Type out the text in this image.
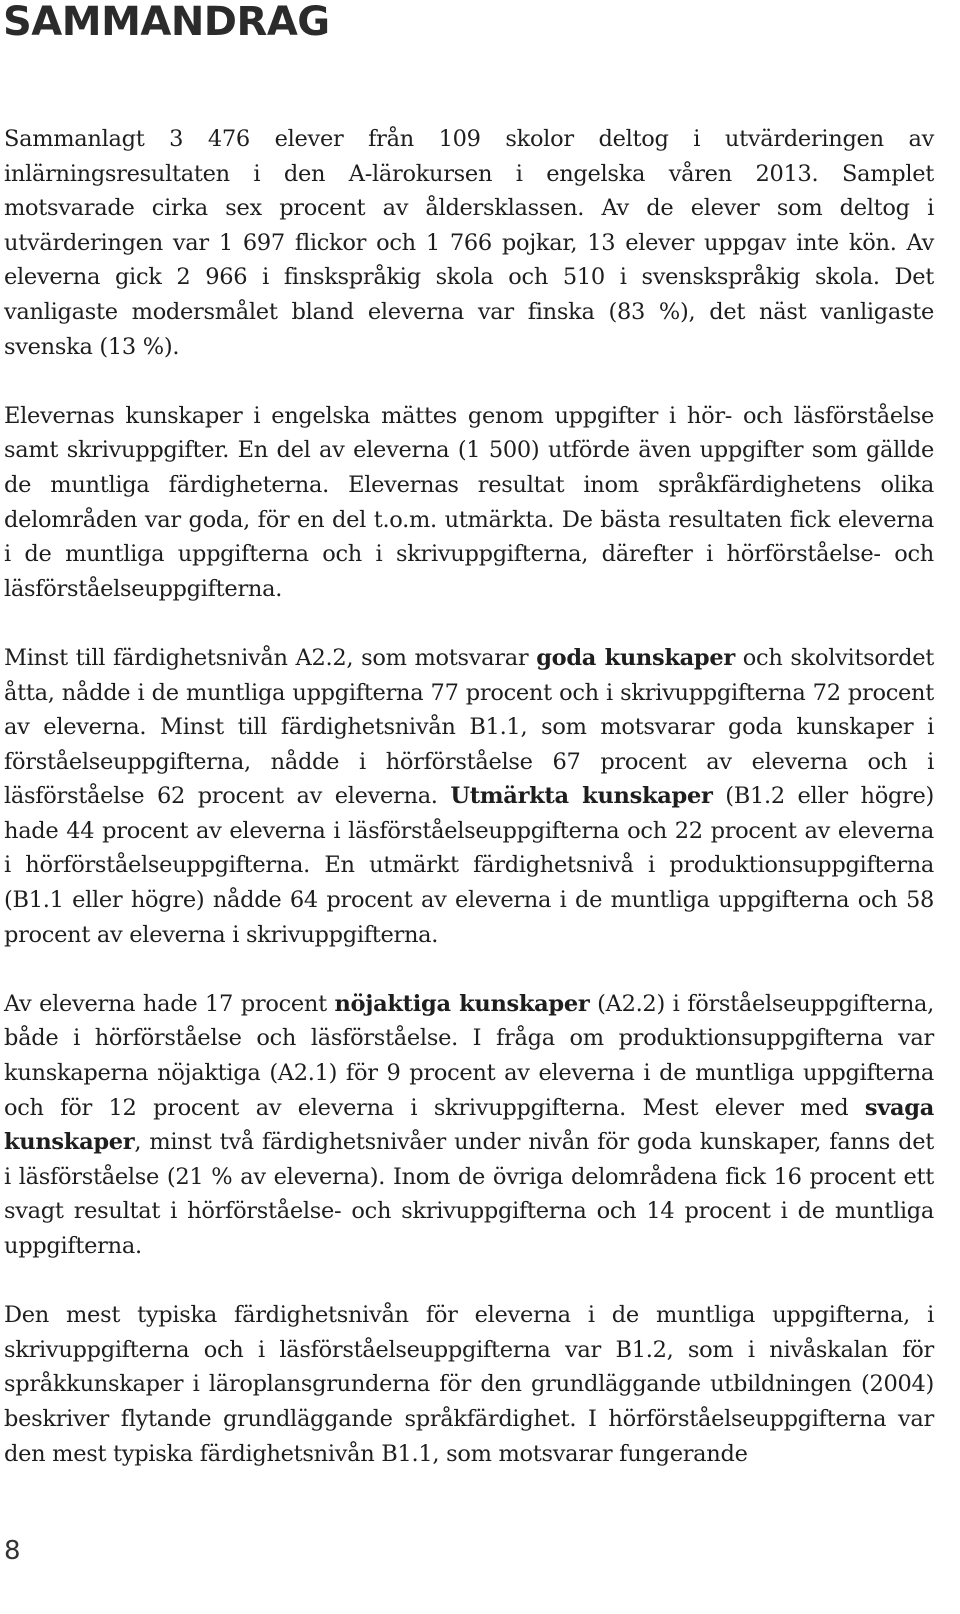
SAMMANDRAG

Sammanlagt 3 476 elever från 109 skolor deltog i utvärderingen av inlärningsresultaten i den A-lärokursen i engelska våren 2013. Samplet motsvarade cirka sex procent av åldersklassen. Av de elever som deltog i utvärderingen var 1 697 flickor och 1 766 pojkar, 13 elever uppgav inte kön. Av eleverna gick 2 966 i finskspråkig skola och 510 i svenskspråkig skola. Det vanligaste modersmålet bland eleverna var finska (83 %), det näst vanligaste svenska (13 %).

Elevernas kunskaper i engelska mättes genom uppgifter i hör- och läsförståelse samt skrivuppgifter. En del av eleverna (1 500) utförde även uppgifter som gällde de muntliga färdigheterna. Elevernas resultat inom språkfärdighetens olika delområden var goda, för en del t.o.m. utmärkta. De bästa resultaten fick eleverna i de muntliga uppgifterna och i skrivuppgifterna, därefter i hörförståelse- och läsförståelseuppgifterna.

Minst till färdighetsnivån A2.2, som motsvarar goda kunskaper och skolvitsordet åtta, nådde i de muntliga uppgifterna 77 procent och i skrivuppgifterna 72 procent av eleverna. Minst till färdighetsnivån B1.1, som motsvarar goda kunskaper i förståelseuppgifterna, nådde i hörförståelse 67 procent av eleverna och i läsförståelse 62 procent av eleverna. Utmärkta kunskaper (B1.2 eller högre) hade 44 procent av eleverna i läsförståelseuppgifterna och 22 procent av eleverna i hörförståelseuppgifterna. En utmärkt färdighetsnivå i produktionsuppgifterna (B1.1 eller högre) nådde 64 procent av eleverna i de muntliga uppgifterna och 58 procent av eleverna i skrivuppgifterna.

Av eleverna hade 17 procent nöjaktiga kunskaper (A2.2) i förståelseuppgifterna, både i hörförståelse och läsförståelse. I fråga om produktionsuppgifterna var kunskaperna nöjaktiga (A2.1) för 9 procent av eleverna i de muntliga uppgifterna och för 12 procent av eleverna i skrivuppgifterna. Mest elever med svaga kunskaper, minst två färdighetsnivåer under nivån för goda kunskaper, fanns det i läsförståelse (21 % av eleverna). Inom de övriga delområdena fick 16 procent ett svagt resultat i hörförståelse- och skrivuppgifterna och 14 procent i de muntliga uppgifterna.

Den mest typiska färdighetsnivån för eleverna i de muntliga uppgifterna, i skrivuppgifterna och i läsförståelseuppgifterna var B1.2, som i nivåskalan för språkkunskaper i läroplansgrunderna för den grundläggande utbildningen (2004) beskriver flytande grundläggande språkfärdighet. I hörförståelseuppgifterna var den mest typiska färdighetsnivån B1.1, som motsvarar fungerande

8
